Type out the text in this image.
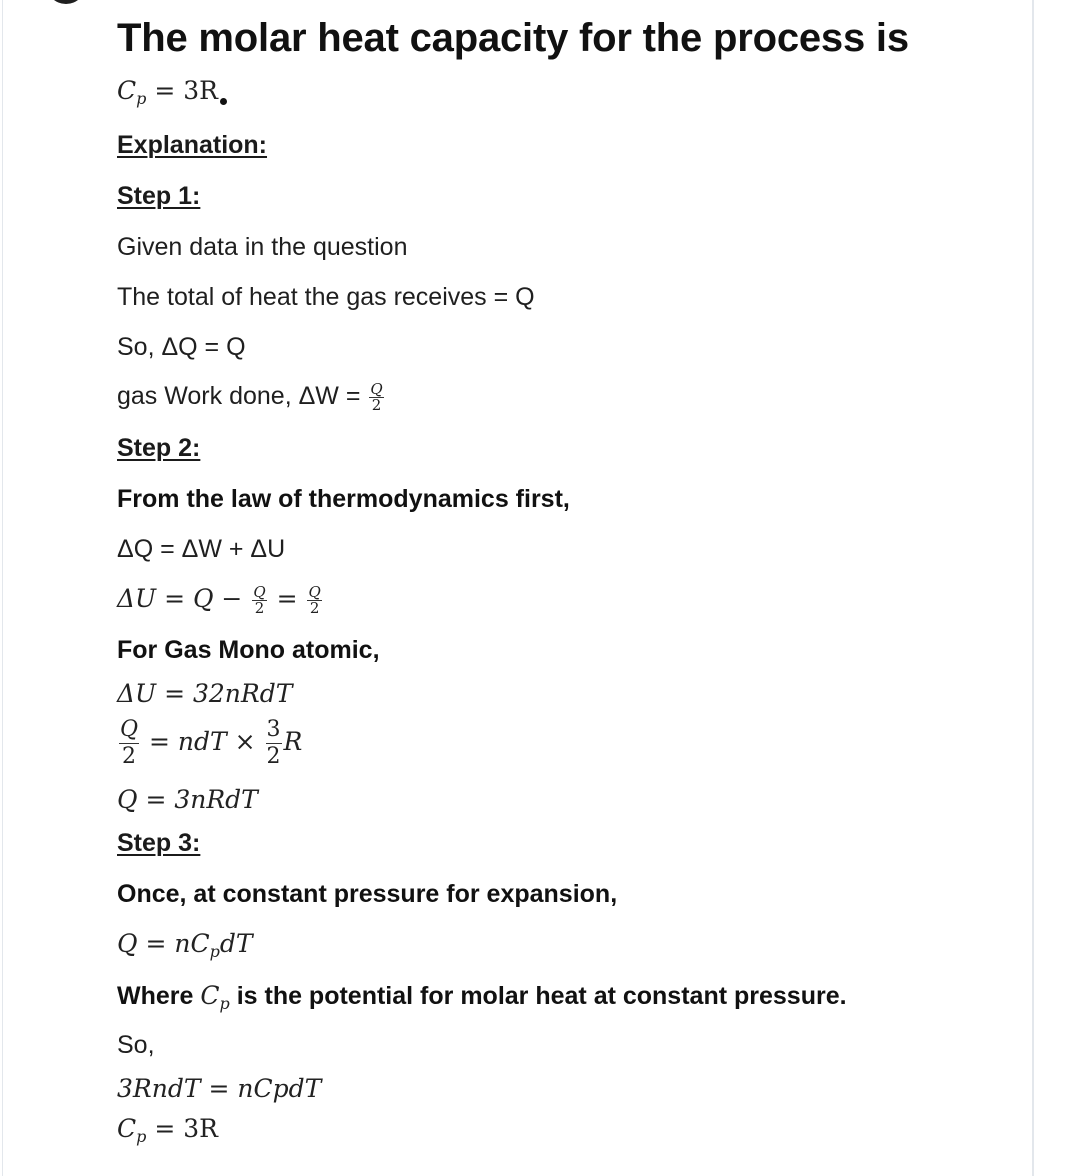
The molar heat capacity for the process is
$C_p = 3R$
Explanation:
Step 1:
Given data in the question
The total of heat the gas receives = Q
So, ΔQ = Q
gas Work done, $\Delta W = \frac{Q}{2}$
Step 2:
From the law of thermodynamics first,
ΔQ = ΔW + ΔU
$\Delta U = Q - \frac{Q}{2} = \frac{Q}{2}$
For Gas Mono atomic,
ΔU = 32nRdT
$\frac{Q}{2}$ = ndT × $\frac{3}{2}$ R
Q = 3nRdT
Step 3:
Once, at constant pressure for expansion,
$Q = nC_pdT$
Where $C_p$ is the potential for molar heat at constant pressure.
So,
3RndT = nCpdT
$C_p = 3R$
